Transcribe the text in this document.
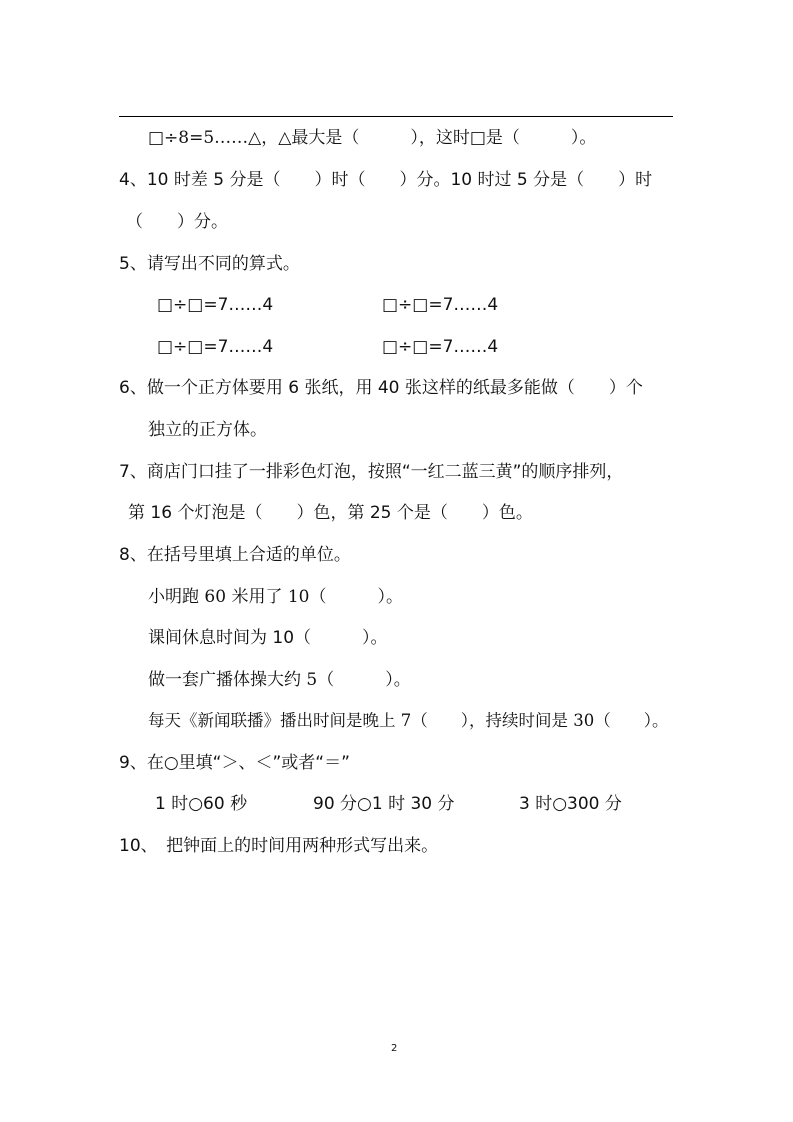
□÷8=5……△，△最大是（　　　），这时□是（　　　）。
4、10 时差 5 分是（　　）时（　　）分。10 时过 5 分是（　　）时
（　　）分。
5、请写出不同的算式。
□÷□=7……4	□÷□=7……4
□÷□=7……4	□÷□=7……4
6、做一个正方体要用 6 张纸，用 40 张这样的纸最多能做（　　）个
独立的正方体。
7、商店门口挂了一排彩色灯泡，按照“一红二蓝三黄”的顺序排列，
第 16 个灯泡是（　　）色，第 25 个是（　　）色。
8、在括号里填上合适的单位。
小明跑 60 米用了 10（　　　）。
课间休息时间为 10（　　　）。
做一套广播体操大约 5（　　　）。
每天《新闻联播》播出时间是晚上 7（　　），持续时间是 30（　　）。
9、在○里填“＞、＜”或者“＝”
1 时○60 秒	90 分○1 时 30 分	3 时○300 分
10、　把钟面上的时间用两种形式写出来。
2
